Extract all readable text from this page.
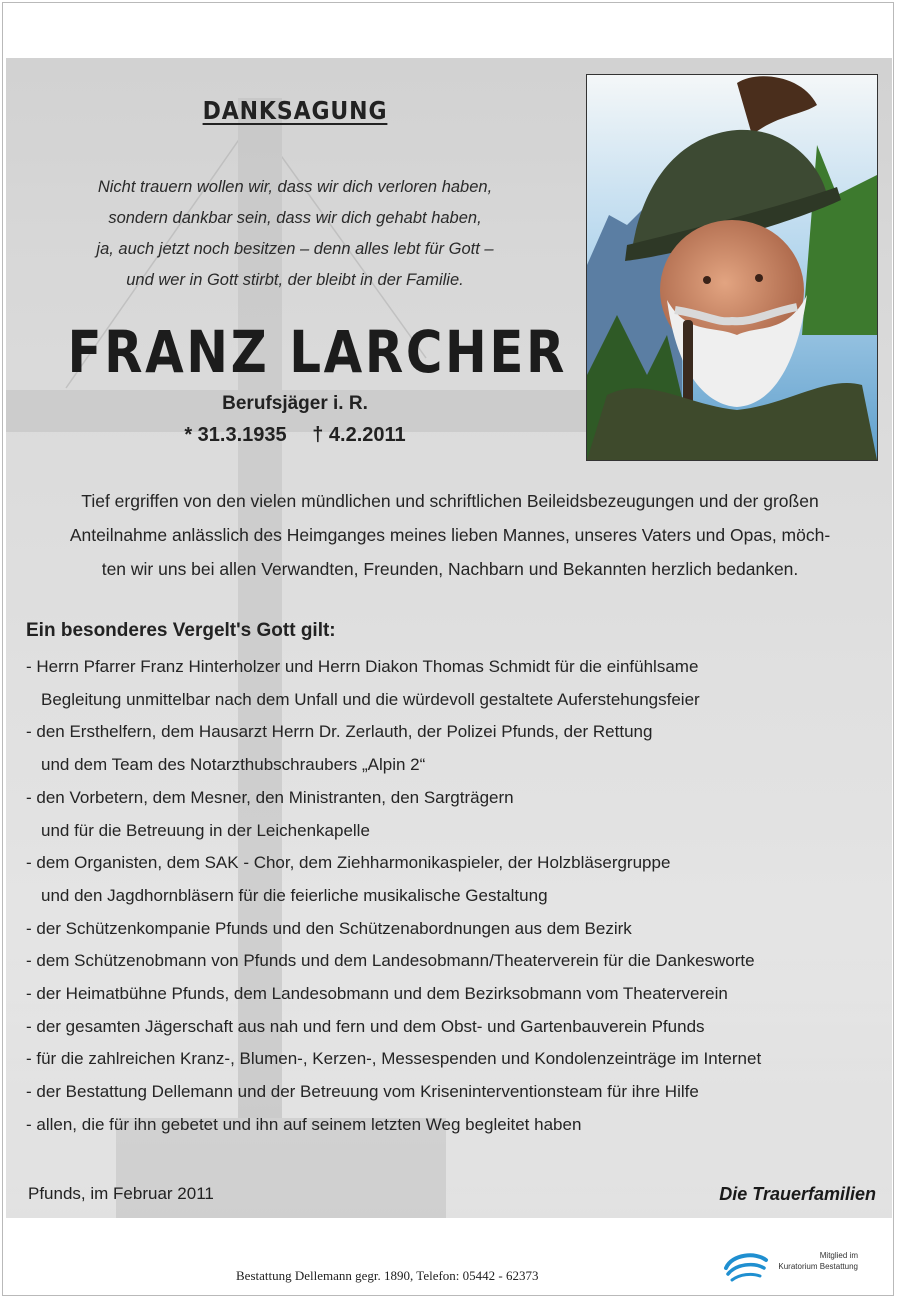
DANKSAGUNG
Nicht trauern wollen wir, dass wir dich verloren haben,
sondern dankbar sein, dass wir dich gehabt haben,
ja, auch jetzt noch besitzen – denn alles lebt für Gott –
und wer in Gott stirbt, der bleibt in der Familie.
FRANZ LARCHER
Berufsjäger i. R.
* 31.3.1935 † 4.2.2011
Tief ergriffen von den vielen mündlichen und schriftlichen Beileidsbezeugungen und der großen
Anteilnahme anlässlich des Heimganges meines lieben Mannes, unseres Vaters und Opas, möch-
ten wir uns bei allen Verwandten, Freunden, Nachbarn und Bekannten herzlich bedanken.
Ein besonderes Vergelt's Gott gilt:
- Herrn Pfarrer Franz Hinterholzer und Herrn Diakon Thomas Schmidt für die einfühlsame
Begleitung unmittelbar nach dem Unfall und die würdevoll gestaltete Auferstehungsfeier
- den Ersthelfern, dem Hausarzt Herrn Dr. Zerlauth, der Polizei Pfunds, der Rettung
und dem Team des Notarzthubschraubers „Alpin 2“
- den Vorbetern, dem Mesner, den Ministranten, den Sargträgern
und für die Betreuung in der Leichenkapelle
- dem Organisten, dem SAK - Chor, dem Ziehharmonikaspieler, der Holzbläsergruppe
und den Jagdhornbläsern für die feierliche musikalische Gestaltung
- der Schützenkompanie Pfunds und den Schützenabordnungen aus dem Bezirk
- dem Schützenobmann von Pfunds und dem Landesobmann/Theaterverein für die Dankesworte
- der Heimatbühne Pfunds, dem Landesobmann und dem Bezirksobmann vom Theaterverein
- der gesamten Jägerschaft aus nah und fern und dem Obst- und Gartenbauverein Pfunds
- für die zahlreichen Kranz-, Blumen-, Kerzen-, Messespenden und Kondolenzeinträge im Internet
- der Bestattung Dellemann und der Betreuung vom Kriseninterventionsteam für ihre Hilfe
- allen, die für ihn gebetet und ihn auf seinem letzten Weg begleitet haben
Pfunds, im Februar 2011	Die Trauerfamilien
Bestattung Dellemann gegr. 1890, Telefon: 05442 - 62373
Mitglied im
Kuratorium Bestattung
